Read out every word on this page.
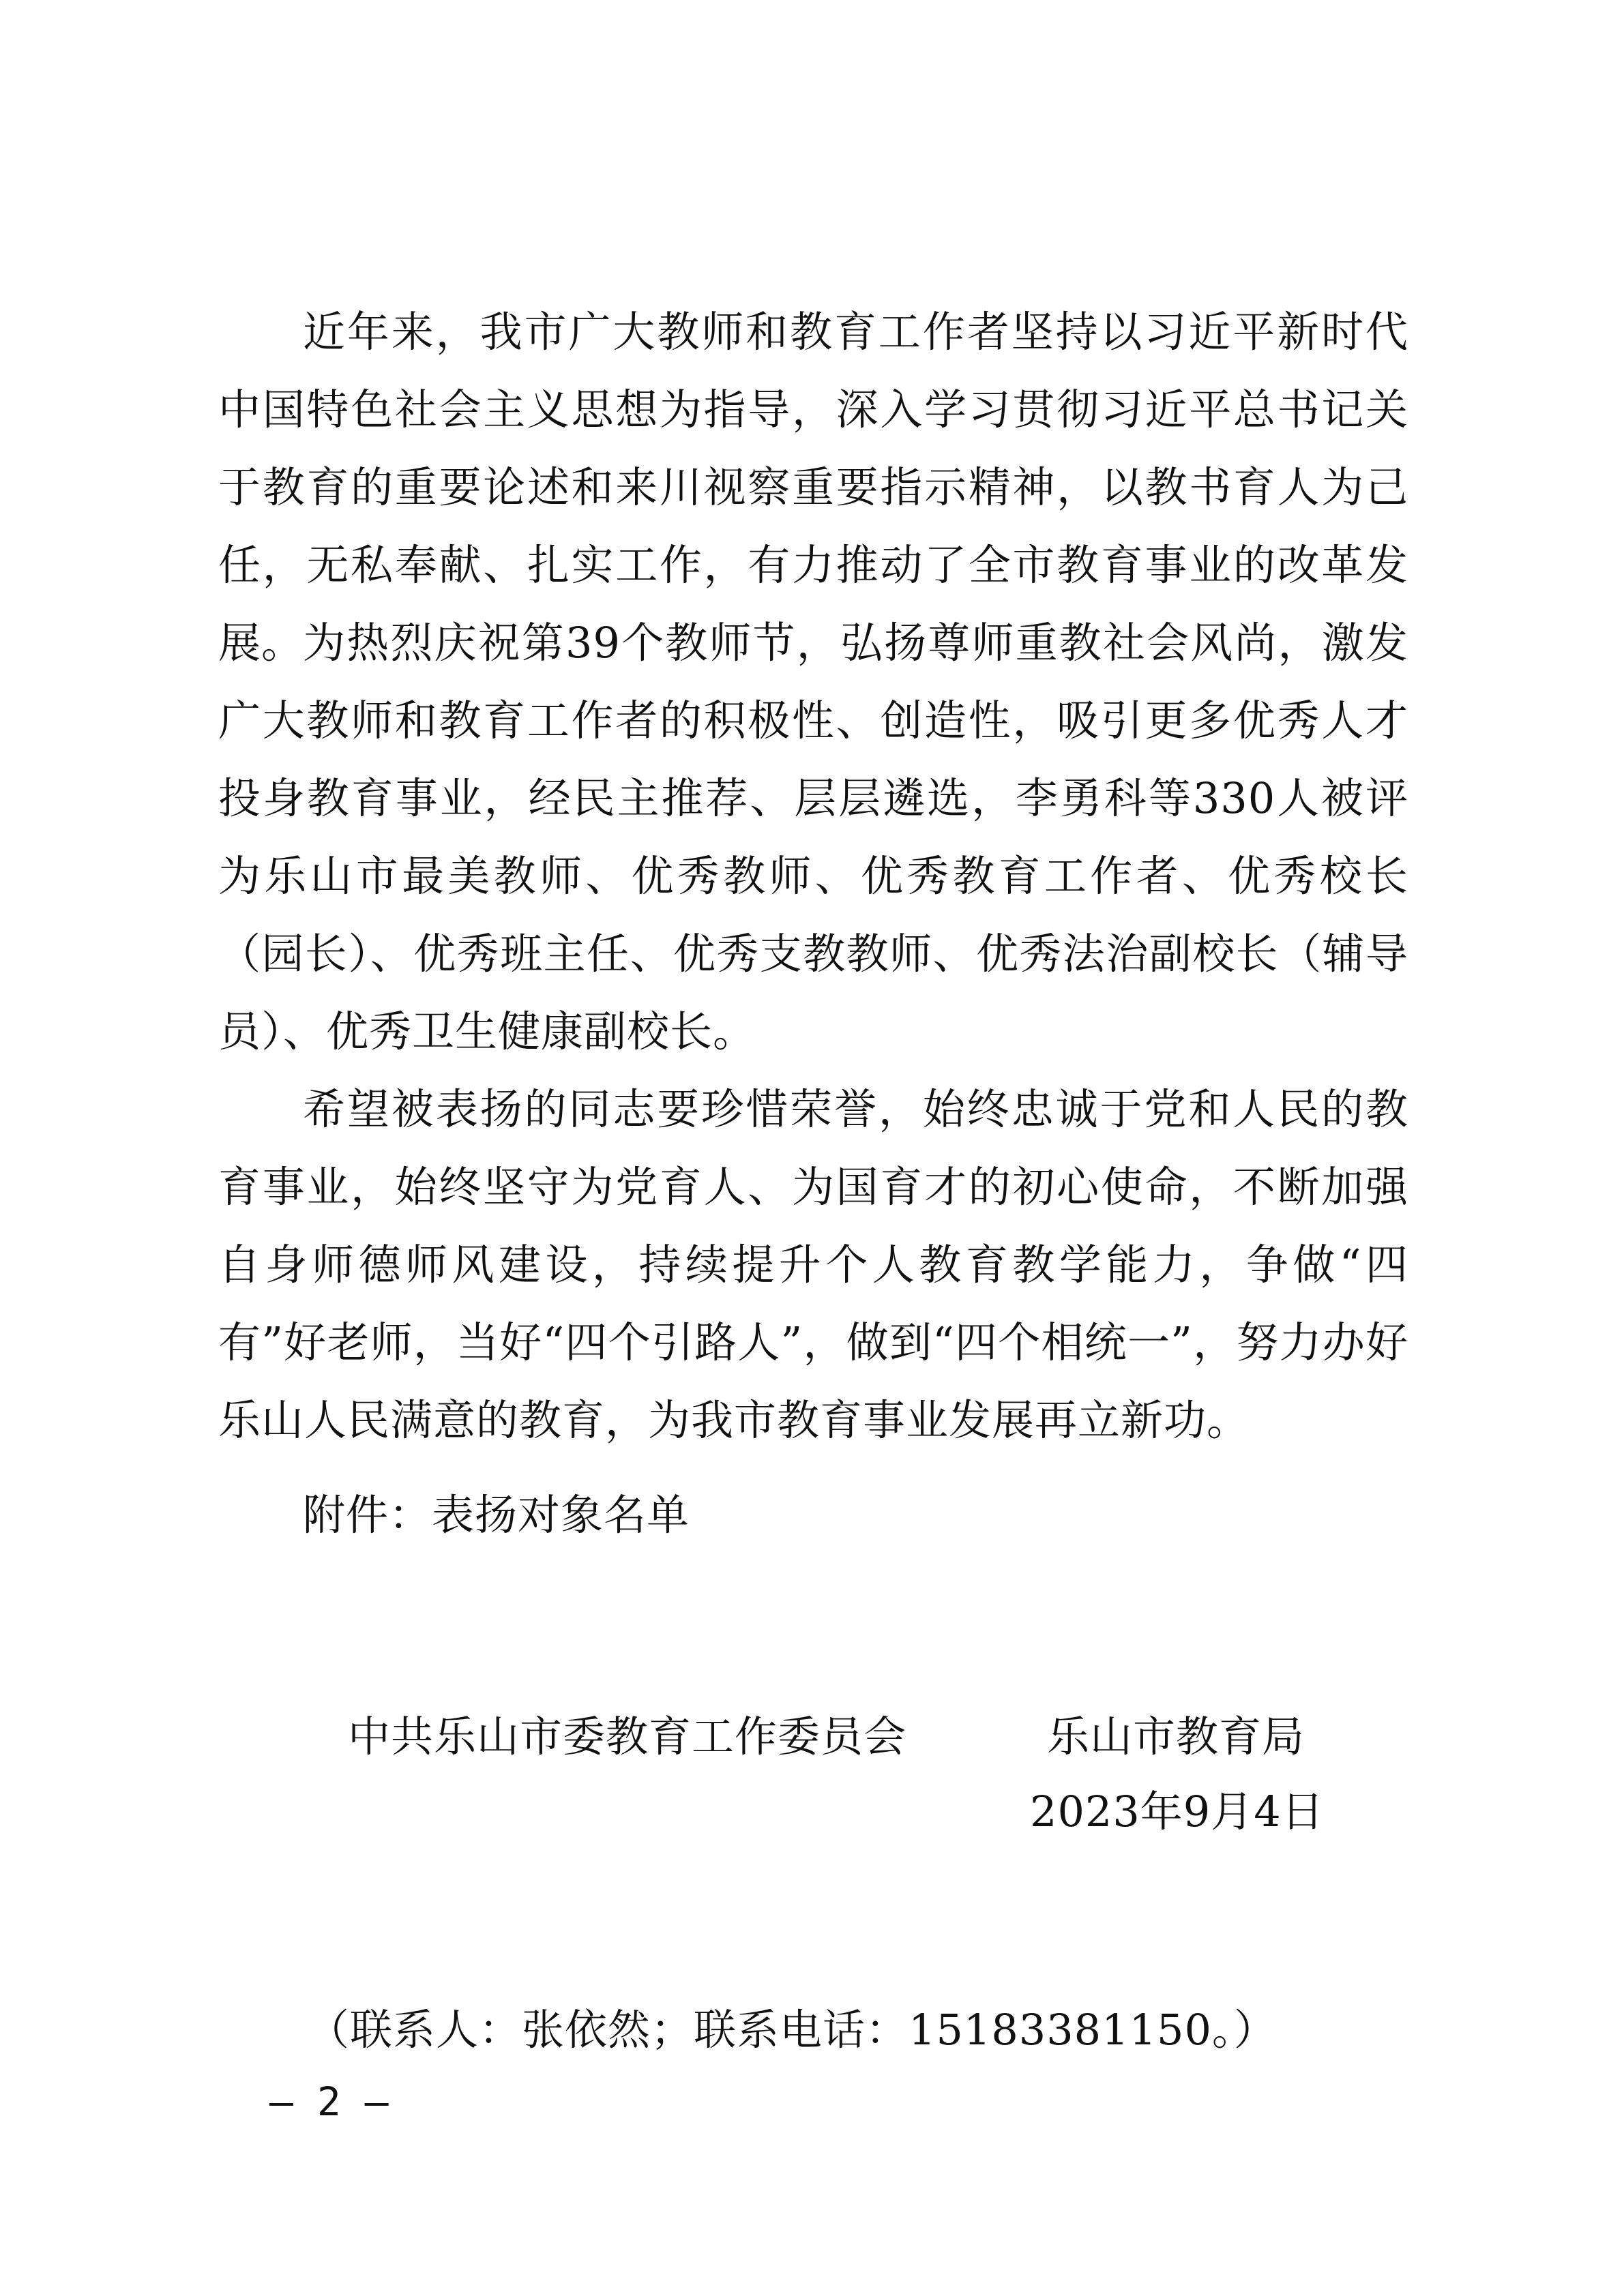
近年来，我市广大教师和教育工作者坚持以习近平新时代中国特色社会主义思想为指导，深入学习贯彻习近平总书记关于教育的重要论述和来川视察重要指示精神，以教书育人为己任，无私奉献、扎实工作，有力推动了全市教育事业的改革发展。

为热烈庆祝第39个教师节，弘扬尊师重教社会风尚，激发广大教师和教育工作者的积极性、创造性，吸引更多优秀人才投身教育事业，经民主推荐、层层遴选，李勇科等330人被评为乐山市最美教师、优秀教师、优秀教育工作者、优秀校长（园长）、优秀班主任、优秀支教教师、优秀法治副校长（辅导员）、优秀卫生健康副校长。

希望被表扬的同志要珍惜荣誉，始终忠诚于党和人民的教育事业，始终坚守为党育人、为国育才的初心使命，不断加强自身师德师风建设，持续提升个人教育教学能力，争做“四有”好老师，当好“四个引路人”，做到“四个相统一”，努力办好乐山人民满意的教育，为我市教育事业发展再立新功。

附件：表扬对象名单

中共乐山市委教育工作委员会	乐山市教育局

2023年9月4日

（联系人：张依然；联系电话：15183381150。）

— 2 —
